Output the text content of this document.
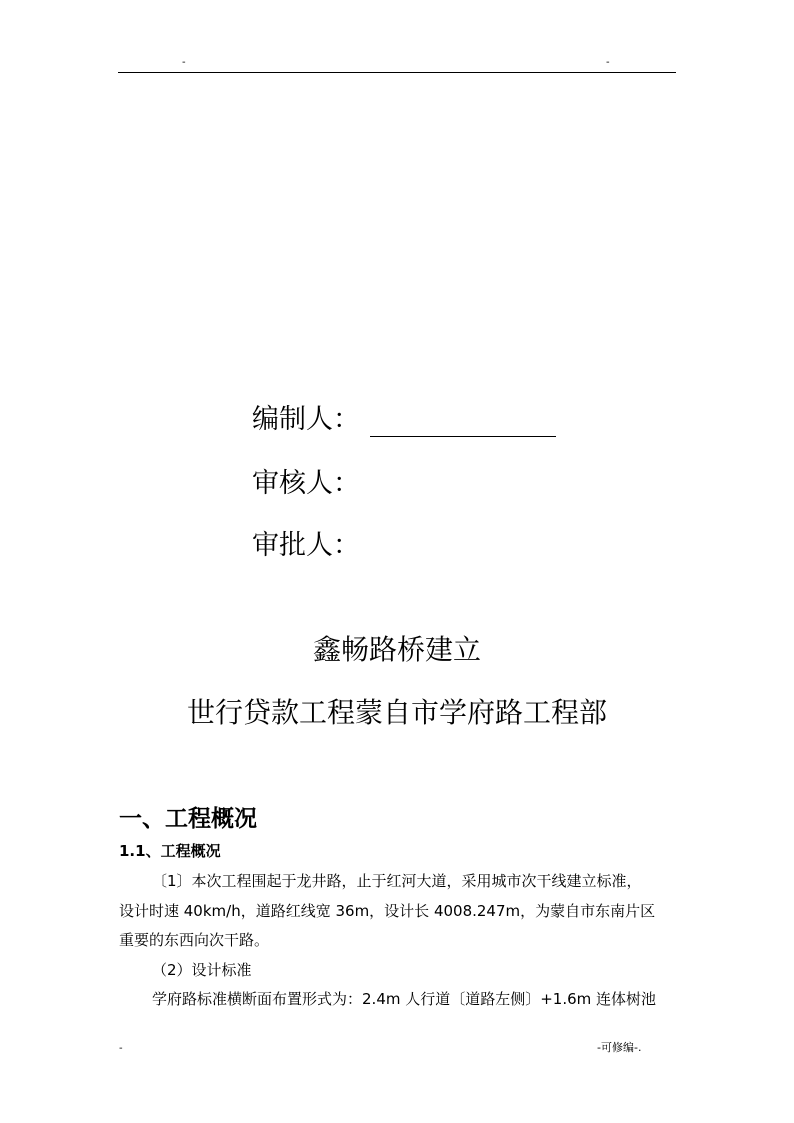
-	-
编制人：
审核人：
审批人：
鑫畅路桥建立
世行贷款工程蒙自市学府路工程部
一、工程概况
1.1、工程概况
〔1〕本次工程围起于龙井路，止于红河大道，采用城市次干线建立标准，
设计时速 40km/h，道路红线宽 36m，设计长 4008.247m，为蒙自市东南片区
重要的东西向次干路。
（2）设计标准
学府路标准横断面布置形式为：2.4m 人行道〔道路左侧〕+1.6m 连体树池
-	-可修编-.
